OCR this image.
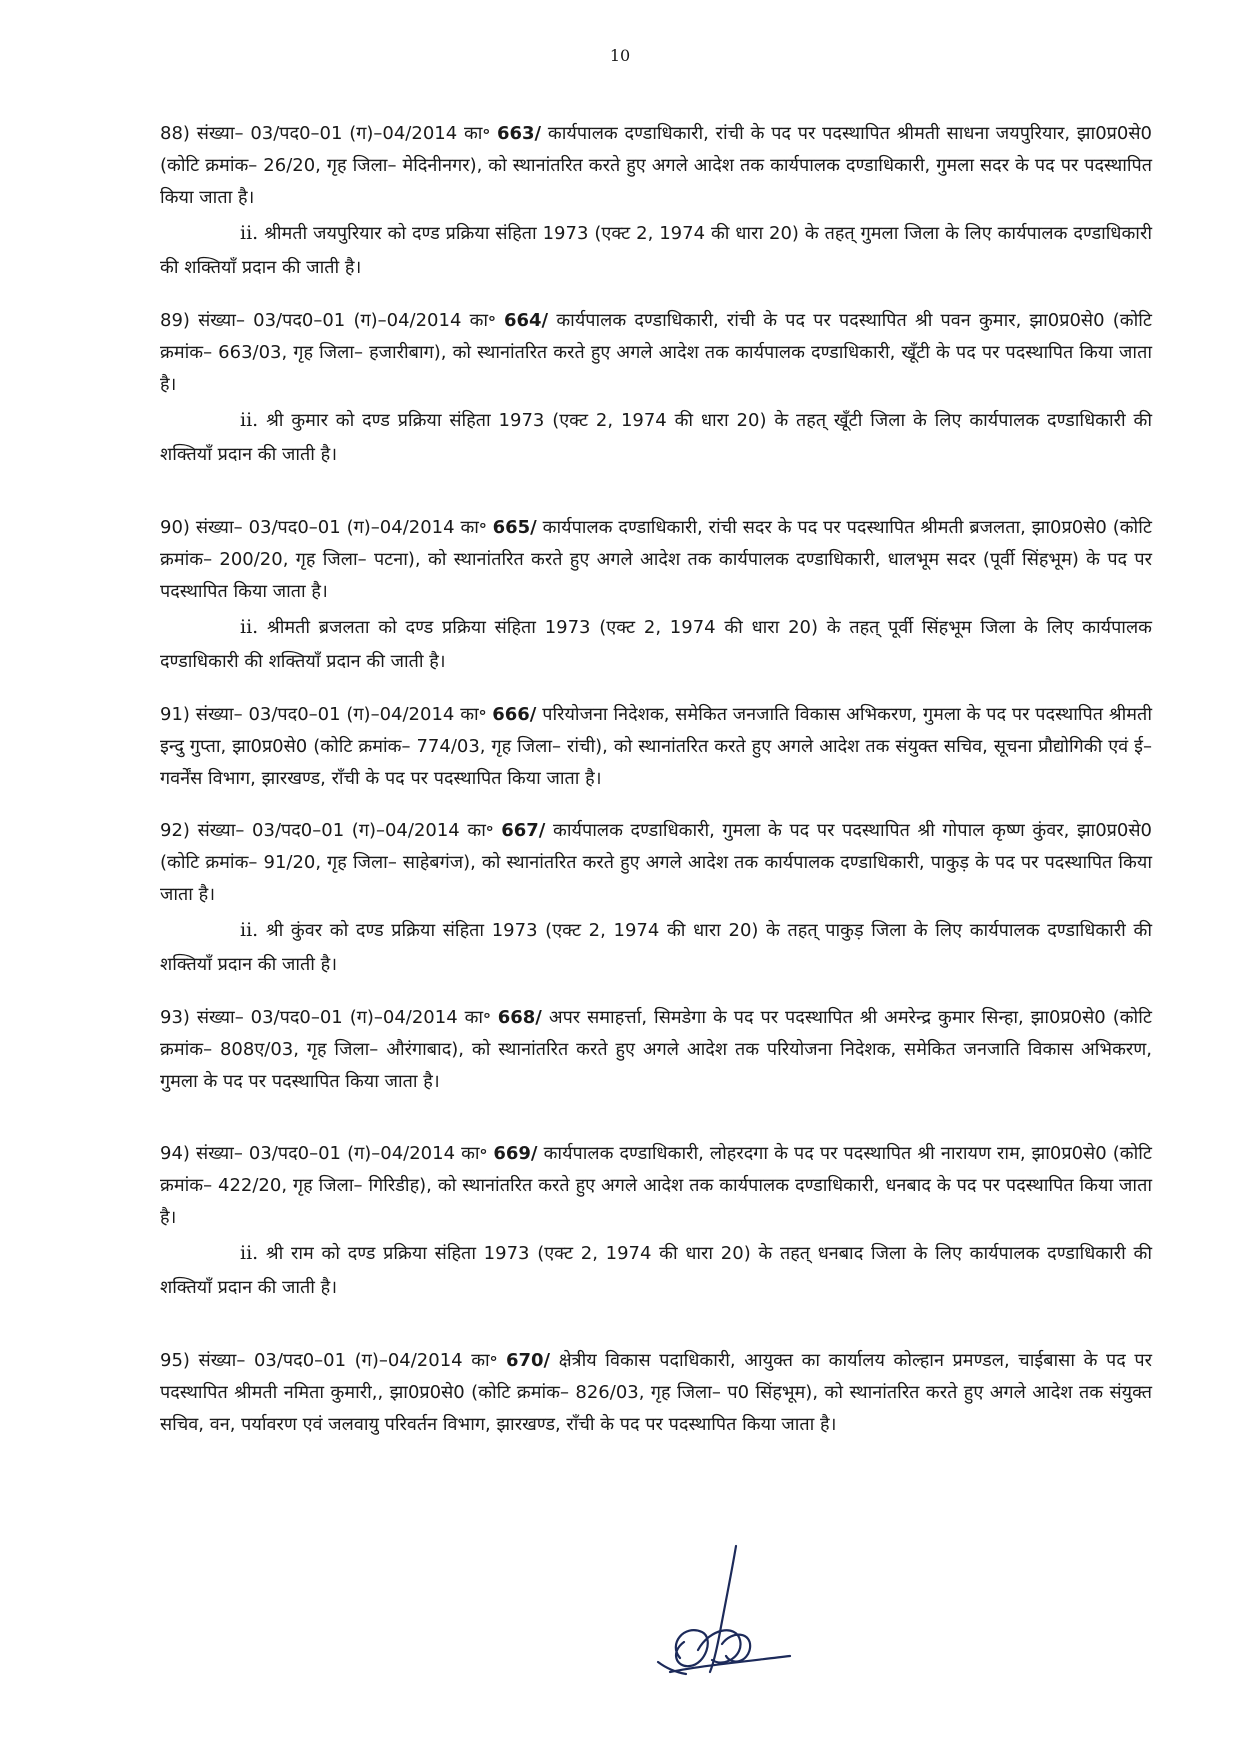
10

88) संख्या– 03/पद0–01 (ग)–04/2014 का॰ 663/ कार्यपालक दण्डाधिकारी, रांची के पद पर पदस्थापित श्रीमती साधना जयपुरियार, झा0प्र0से0 (कोटि क्रमांक– 26/20, गृह जिला– मेदिनीनगर), को स्थानांतरित करते हुए अगले आदेश तक कार्यपालक दण्डाधिकारी, गुमला सदर के पद पर पदस्थापित किया जाता है।

ii. श्रीमती जयपुरियार को दण्ड प्रक्रिया संहिता 1973 (एक्ट 2, 1974 की धारा 20) के तहत् गुमला जिला के लिए कार्यपालक दण्डाधिकारी की शक्तियाँ प्रदान की जाती है।

89) संख्या– 03/पद0–01 (ग)–04/2014 का॰ 664/ कार्यपालक दण्डाधिकारी, रांची के पद पर पदस्थापित श्री पवन कुमार, झा0प्र0से0 (कोटि क्रमांक– 663/03, गृह जिला– हजारीबाग), को स्थानांतरित करते हुए अगले आदेश तक कार्यपालक दण्डाधिकारी, खूँटी के पद पर पदस्थापित किया जाता है।

ii. श्री कुमार को दण्ड प्रक्रिया संहिता 1973 (एक्ट 2, 1974 की धारा 20) के तहत् खूँटी जिला के लिए कार्यपालक दण्डाधिकारी की शक्तियाँ प्रदान की जाती है।

90) संख्या– 03/पद0–01 (ग)–04/2014 का॰ 665/ कार्यपालक दण्डाधिकारी, रांची सदर के पद पर पदस्थापित श्रीमती ब्रजलता, झा0प्र0से0 (कोटि क्रमांक– 200/20, गृह जिला– पटना), को स्थानांतरित करते हुए अगले आदेश तक कार्यपालक दण्डाधिकारी, धालभूम सदर (पूर्वी सिंहभूम) के पद पर पदस्थापित किया जाता है।

ii. श्रीमती ब्रजलता को दण्ड प्रक्रिया संहिता 1973 (एक्ट 2, 1974 की धारा 20) के तहत् पूर्वी सिंहभूम जिला के लिए कार्यपालक दण्डाधिकारी की शक्तियाँ प्रदान की जाती है।

91) संख्या– 03/पद0–01 (ग)–04/2014 का॰ 666/ परियोजना निदेशक, समेकित जनजाति विकास अभिकरण, गुमला के पद पर पदस्थापित श्रीमती इन्दु गुप्ता, झा0प्र0से0 (कोटि क्रमांक– 774/03, गृह जिला– रांची), को स्थानांतरित करते हुए अगले आदेश तक संयुक्त सचिव, सूचना प्रौद्योगिकी एवं ई–गवर्नेंस विभाग, झारखण्ड, राँची के पद पर पदस्थापित किया जाता है।

92) संख्या– 03/पद0–01 (ग)–04/2014 का॰ 667/ कार्यपालक दण्डाधिकारी, गुमला के पद पर पदस्थापित श्री गोपाल कृष्ण कुंवर, झा0प्र0से0 (कोटि क्रमांक– 91/20, गृह जिला– साहेबगंज), को स्थानांतरित करते हुए अगले आदेश तक कार्यपालक दण्डाधिकारी, पाकुड़ के पद पर पदस्थापित किया जाता है।

ii. श्री कुंवर को दण्ड प्रक्रिया संहिता 1973 (एक्ट 2, 1974 की धारा 20) के तहत् पाकुड़ जिला के लिए कार्यपालक दण्डाधिकारी की शक्तियाँ प्रदान की जाती है।

93) संख्या– 03/पद0–01 (ग)–04/2014 का॰ 668/ अपर समाहर्त्ता, सिमडेगा के पद पर पदस्थापित श्री अमरेन्द्र कुमार सिन्हा, झा0प्र0से0 (कोटि क्रमांक– 808ए/03, गृह जिला– औरंगाबाद), को स्थानांतरित करते हुए अगले आदेश तक परियोजना निदेशक, समेकित जनजाति विकास अभिकरण, गुमला के पद पर पदस्थापित किया जाता है।

94) संख्या– 03/पद0–01 (ग)–04/2014 का॰ 669/ कार्यपालक दण्डाधिकारी, लोहरदगा के पद पर पदस्थापित श्री नारायण राम, झा0प्र0से0 (कोटि क्रमांक– 422/20, गृह जिला– गिरिडीह), को स्थानांतरित करते हुए अगले आदेश तक कार्यपालक दण्डाधिकारी, धनबाद के पद पर पदस्थापित किया जाता है।

ii. श्री राम को दण्ड प्रक्रिया संहिता 1973 (एक्ट 2, 1974 की धारा 20) के तहत् धनबाद जिला के लिए कार्यपालक दण्डाधिकारी की शक्तियाँ प्रदान की जाती है।

95) संख्या– 03/पद0–01 (ग)–04/2014 का॰ 670/ क्षेत्रीय विकास पदाधिकारी, आयुक्त का कार्यालय कोल्हान प्रमण्डल, चाईबासा के पद पर पदस्थापित श्रीमती नमिता कुमारी,, झा0प्र0से0 (कोटि क्रमांक– 826/03, गृह जिला– प0 सिंहभूम), को स्थानांतरित करते हुए अगले आदेश तक संयुक्त सचिव, वन, पर्यावरण एवं जलवायु परिवर्तन विभाग, झारखण्ड, राँची के पद पर पदस्थापित किया जाता है।
